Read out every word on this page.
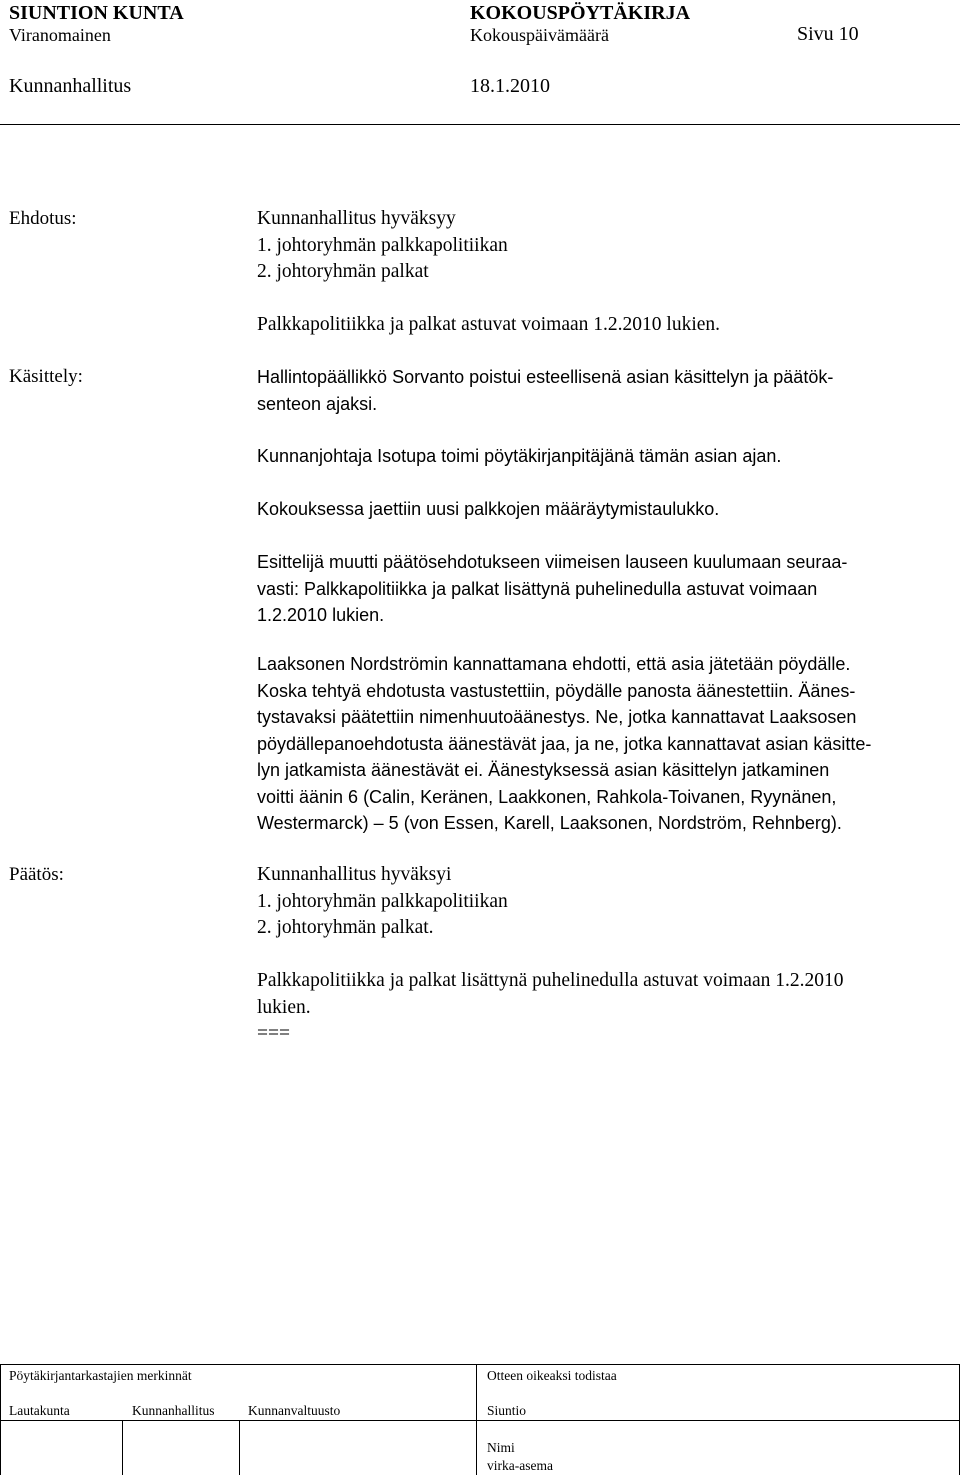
SIUNTION KUNTA	KOKOUSPÖYTÄKIRJA
Viranomainen	Kokouspäivämäärä	Sivu 10
Kunnanhallitus	18.1.2010
Ehdotus:	Kunnanhallitus hyväksyy
1. johtoryhmän palkkapolitiikan
2. johtoryhmän palkat

Palkkapolitiikka ja palkat astuvat voimaan 1.2.2010 lukien.
Käsittely:	Hallintopäällikkö Sorvanto poistui esteellisenä asian käsittelyn ja päätök-
senteon ajaksi.
Kunnanjohtaja Isotupa toimi pöytäkirjanpitäjänä tämän asian ajan.
Kokouksessa jaettiin uusi palkkojen määräytymistaulukko.
Esittelijä muutti päätösehdotukseen viimeisen lauseen kuulumaan seuraa-
vasti: Palkkapolitiikka ja palkat lisättynä puhelinedulla astuvat voimaan
1.2.2010 lukien.
Laaksonen Nordströmin kannattamana ehdotti, että asia jätetään pöydälle.
Koska tehtyä ehdotusta vastustettiin, pöydälle panosta äänestettiin. Äänes-
tystavaksi päätettiin nimenhuutoäänestys. Ne, jotka kannattavat Laaksosen
pöydällepanoehdotusta äänestävät jaa, ja ne, jotka kannattavat asian käsitte-
lyn jatkamista äänestävät ei. Äänestyksessä asian käsittelyn jatkaminen
voitti äänin 6 (Calin, Keränen, Laakkonen, Rahkola-Toivanen, Ryynänen,
Westermarck) – 5 (von Essen, Karell, Laaksonen, Nordström, Rehnberg).
Päätös:	Kunnanhallitus hyväksyi
1. johtoryhmän palkkapolitiikan
2. johtoryhmän palkat.

Palkkapolitiikka ja palkat lisättynä puhelinedulla astuvat voimaan 1.2.2010
lukien.
===
Pöytäkirjantarkastajien merkinnät	Otteen oikeaksi todistaa
Lautakunta	Kunnanhallitus Kunnanvaltuusto	Siuntio
Nimi
virka-asema
